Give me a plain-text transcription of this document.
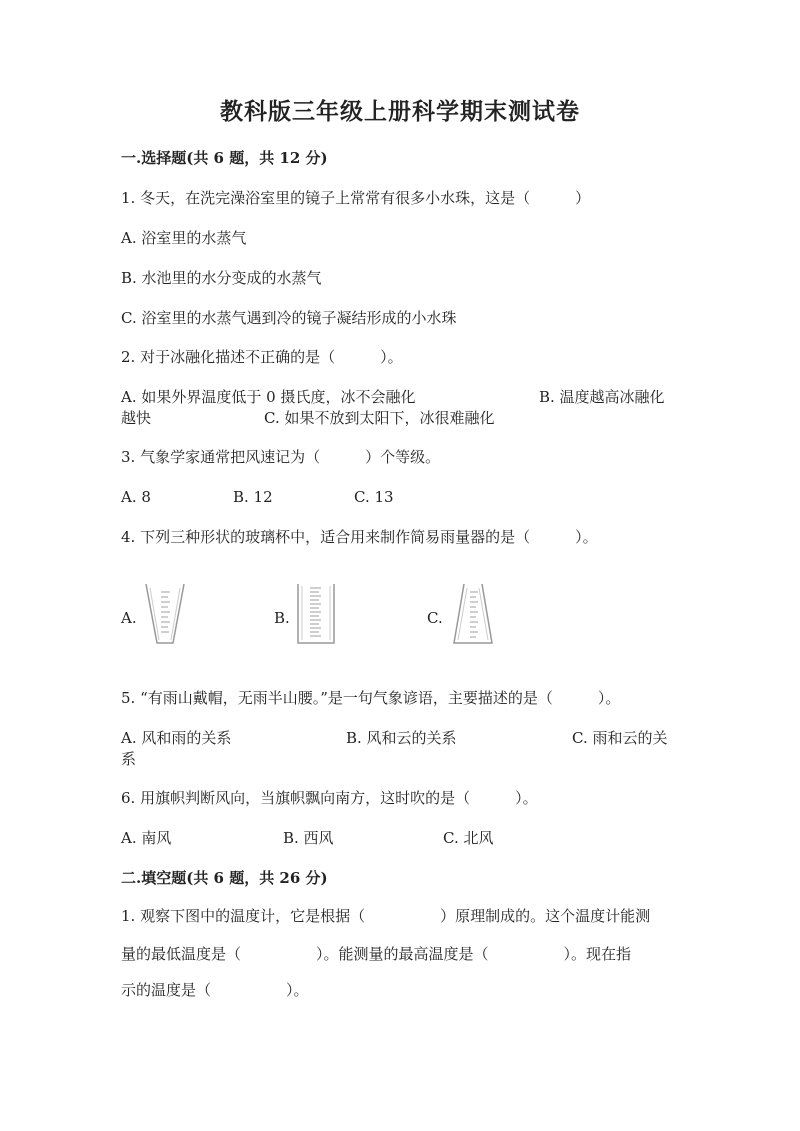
教科版三年级上册科学期末测试卷
一.选择题(共 6 题，共 12 分)
1. 冬天，在洗完澡浴室里的镜子上常常有很多小水珠，这是（　　　）
A. 浴室里的水蒸气
B. 水池里的水分变成的水蒸气
C. 浴室里的水蒸气遇到冷的镜子凝结形成的小水珠
2. 对于冰融化描述不正确的是（　　　）。
A. 如果外界温度低于 0 摄氏度，冰不会融化	B. 温度越高冰融化
越快	C. 如果不放到太阳下，冰很难融化
3. 气象学家通常把风速记为（　　　）个等级。
A. 8	B. 12	C. 13
4. 下列三种形状的玻璃杯中，适合用来制作简易雨量器的是（　　　）。
A.	B.	C.
5. “有雨山戴帽，无雨半山腰。”是一句气象谚语，主要描述的是（　　　）。
A. 风和雨的关系	B. 风和云的关系	C. 雨和云的关
系
6. 用旗帜判断风向，当旗帜飘向南方，这时吹的是（　　　）。
A. 南风	B. 西风	C. 北风
二.填空题(共 6 题，共 26 分)
1. 观察下图中的温度计，它是根据（　　　　　）原理制成的。这个温度计能测
量的最低温度是（　　　　　）。能测量的最高温度是（　　　　　）。现在指
示的温度是（　　　　　）。
